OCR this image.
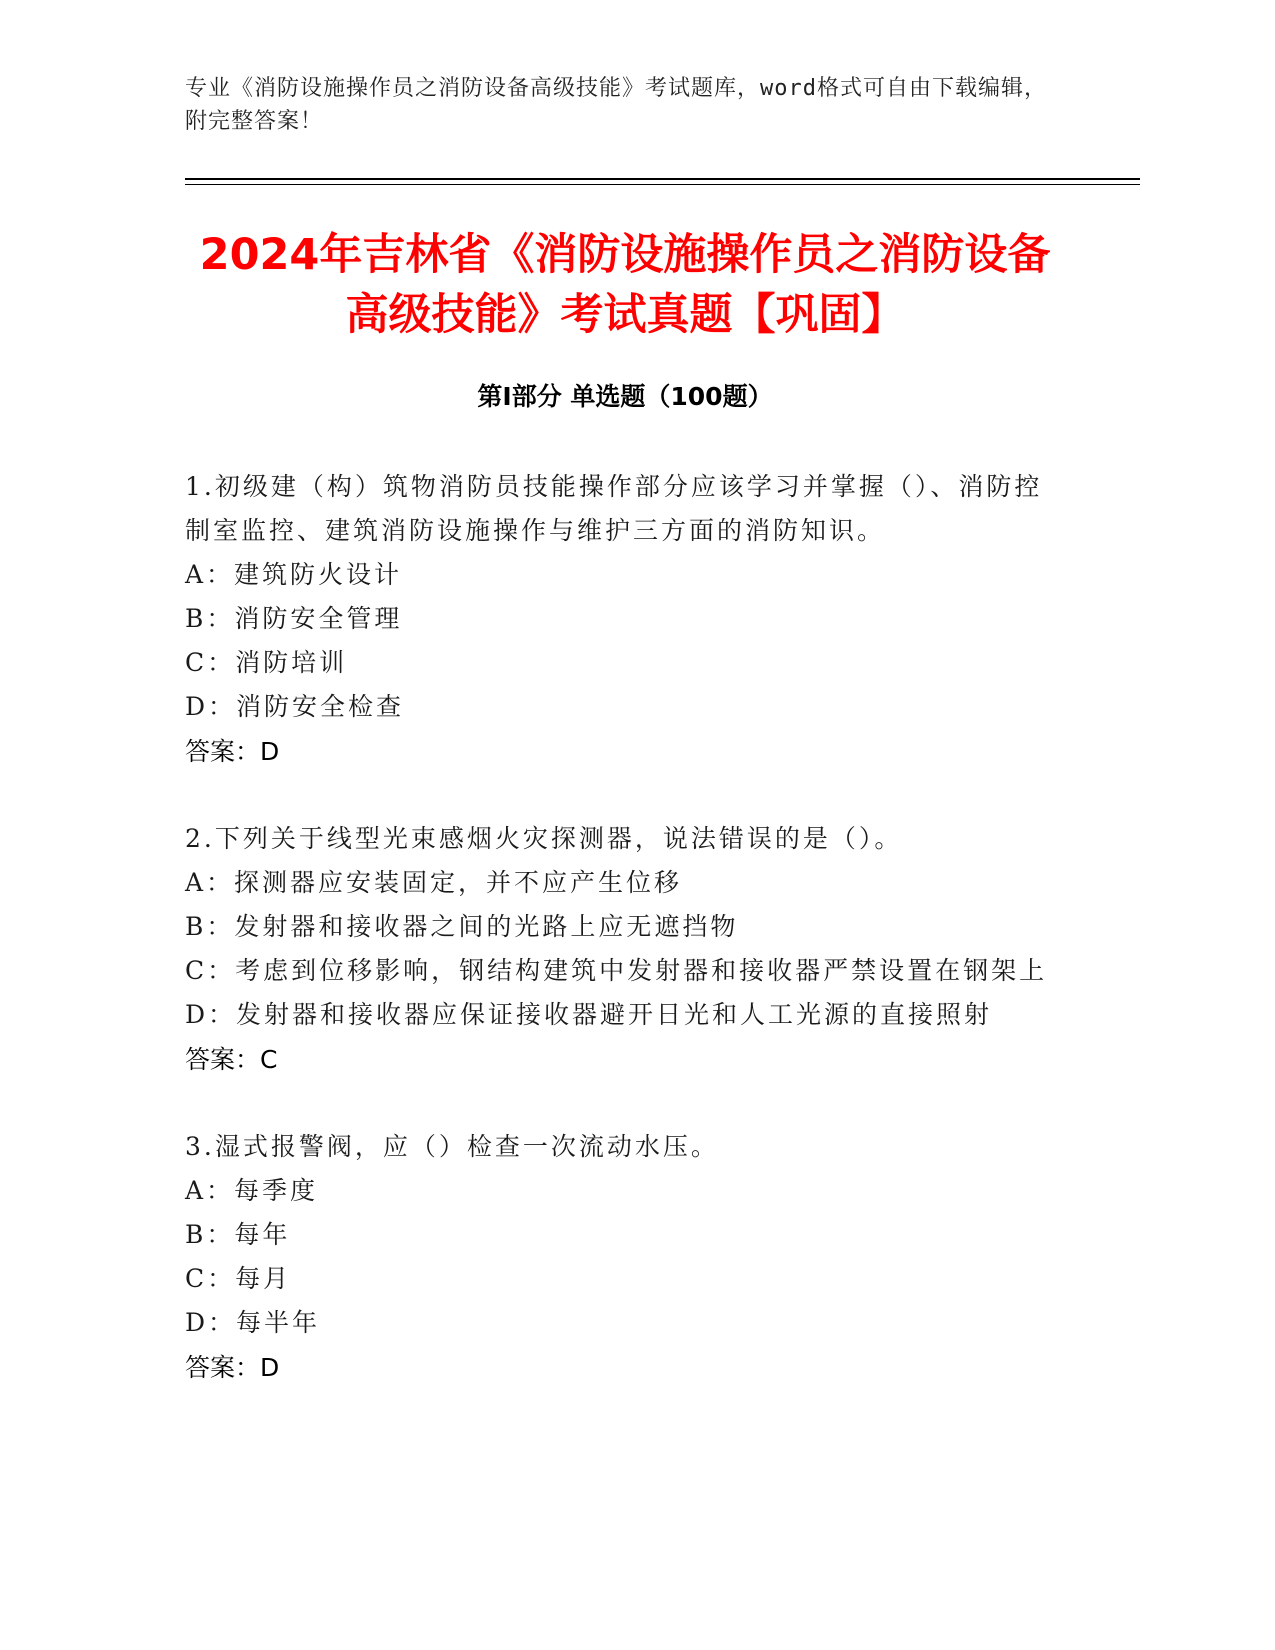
专业《消防设施操作员之消防设备高级技能》考试题库，word格式可自由下载编辑，附完整答案！
2024年吉林省《消防设施操作员之消防设备高级技能》考试真题【巩固】
第Ⅰ部分 单选题（100题）

1.初级建（构）筑物消防员技能操作部分应该学习并掌握（）、消防控制室监控、建筑消防设施操作与维护三方面的消防知识。

A：建筑防火设计
B：消防安全管理
C：消防培训
D：消防安全检查
答案：D

2.下列关于线型光束感烟火灾探测器，说法错误的是（）。

A：探测器应安装固定，并不应产生位移
B：发射器和接收器之间的光路上应无遮挡物
C：考虑到位移影响，钢结构建筑中发射器和接收器严禁设置在钢架上
D：发射器和接收器应保证接收器避开日光和人工光源的直接照射
答案：C

3.湿式报警阀，应（）检查一次流动水压。

A：每季度
B：每年
C：每月
D：每半年
答案：D
